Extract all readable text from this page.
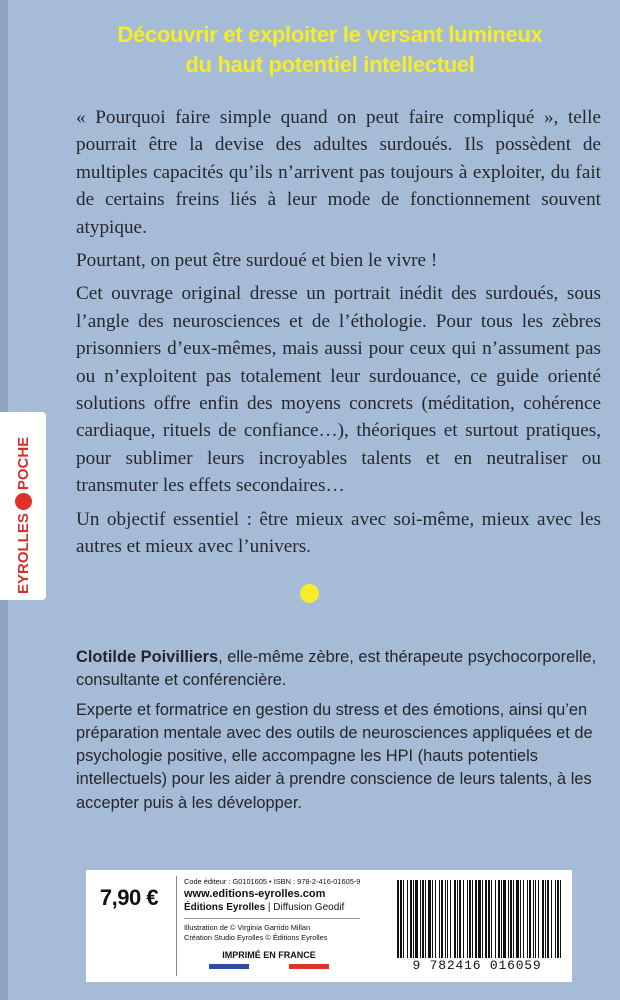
Découvrir et exploiter le versant lumineux
du haut potentiel intellectuel

« Pourquoi faire simple quand on peut faire compliqué », telle pourrait être la devise des adultes surdoués. Ils possèdent de multiples capacités qu’ils n’arrivent pas toujours à exploiter, du fait de certains freins liés à leur mode de fonctionnement souvent atypique.

Pourtant, on peut être surdoué et bien le vivre !

Cet ouvrage original dresse un portrait inédit des surdoués, sous l’angle des neurosciences et de l’éthologie. Pour tous les zèbres prisonniers d’eux-mêmes, mais aussi pour ceux qui n’assument pas ou n’exploitent pas totalement leur surdouance, ce guide orienté solutions offre enfin des moyens concrets (méditation, cohérence cardiaque, rituels de confiance…), théoriques et surtout pratiques, pour sublimer leurs incroyables talents et en neutraliser ou transmuter les effets secondaires…

Un objectif essentiel : être mieux avec soi-même, mieux avec les autres et mieux avec l’univers.

EYROLLES
POCHE

Clotilde Poivilliers, elle-même zèbre, est thérapeute psychocorporelle, consultante et conférencière.

Experte et formatrice en gestion du stress et des émotions, ainsi qu’en préparation mentale avec des outils de neurosciences appliquées et de psychologie positive, elle accompagne les HPI (hauts potentiels intellectuels) pour les aider à prendre conscience de leurs talents, à les accepter puis à les développer.

7,90 €
Code éditeur : G0101605 • ISBN : 978-2-416-01605-9
www.editions-eyrolles.com
Éditions Eyrolles | Diffusion Geodif
Illustration de © Virginia Garrido Millan
Création Studio Eyrolles © Éditions Eyrolles
IMPRIMÉ EN FRANCE
9 782416 016059
